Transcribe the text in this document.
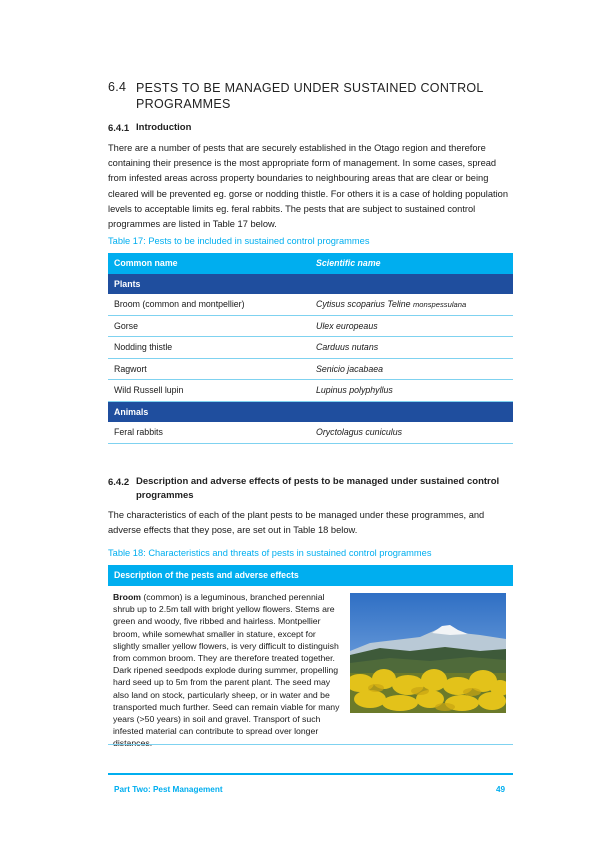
6.4 PESTS TO BE MANAGED UNDER SUSTAINED CONTROL PROGRAMMES
6.4.1 Introduction
There are a number of pests that are securely established in the Otago region and therefore containing their presence is the most appropriate form of management. In some cases, spread from infested areas across property boundaries to neighbouring areas that are clear or being cleared will be prevented eg. gorse or nodding thistle. For others it is a case of holding population levels to acceptable limits eg. feral rabbits. The pests that are subject to sustained control programmes are listed in Table 17 below.
Table 17: Pests to be included in sustained control programmes
Common name	Scientific name
Plants	
Broom (common and montpellier)	Cytisus scoparius Teline monspessulana
Gorse	Ulex europeaus
Nodding thistle	Carduus nutans
Ragwort	Senicio jacabaea
Wild Russell lupin	Lupinus polyphyllus
Animals	
Feral rabbits	Oryctolagus cuniculus
6.4.2 Description and adverse effects of pests to be managed under sustained control programmes
The characteristics of each of the plant pests to be managed under these programmes, and adverse effects that they pose, are set out in Table 18 below.
Table 18: Characteristics and threats of pests in sustained control programmes
Description of the pests and adverse effects
Broom (common) is a leguminous, branched perennial shrub up to 2.5m tall with bright yellow flowers. Stems are green and woody, five ribbed and hairless. Montpellier broom, while somewhat smaller in stature, except for slightly smaller yellow flowers, is very difficult to distinguish from common broom. They are therefore treated together. Dark ripened seedpods explode during summer, propelling hard seed up to 5m from the parent plant. The seed may also land on stock, particularly sheep, or in water and be transported much further. Seed can remain viable for many years (>50 years) in soil and gravel. Transport of such infested material can contribute to spread over longer
Part Two: Pest Management	49
